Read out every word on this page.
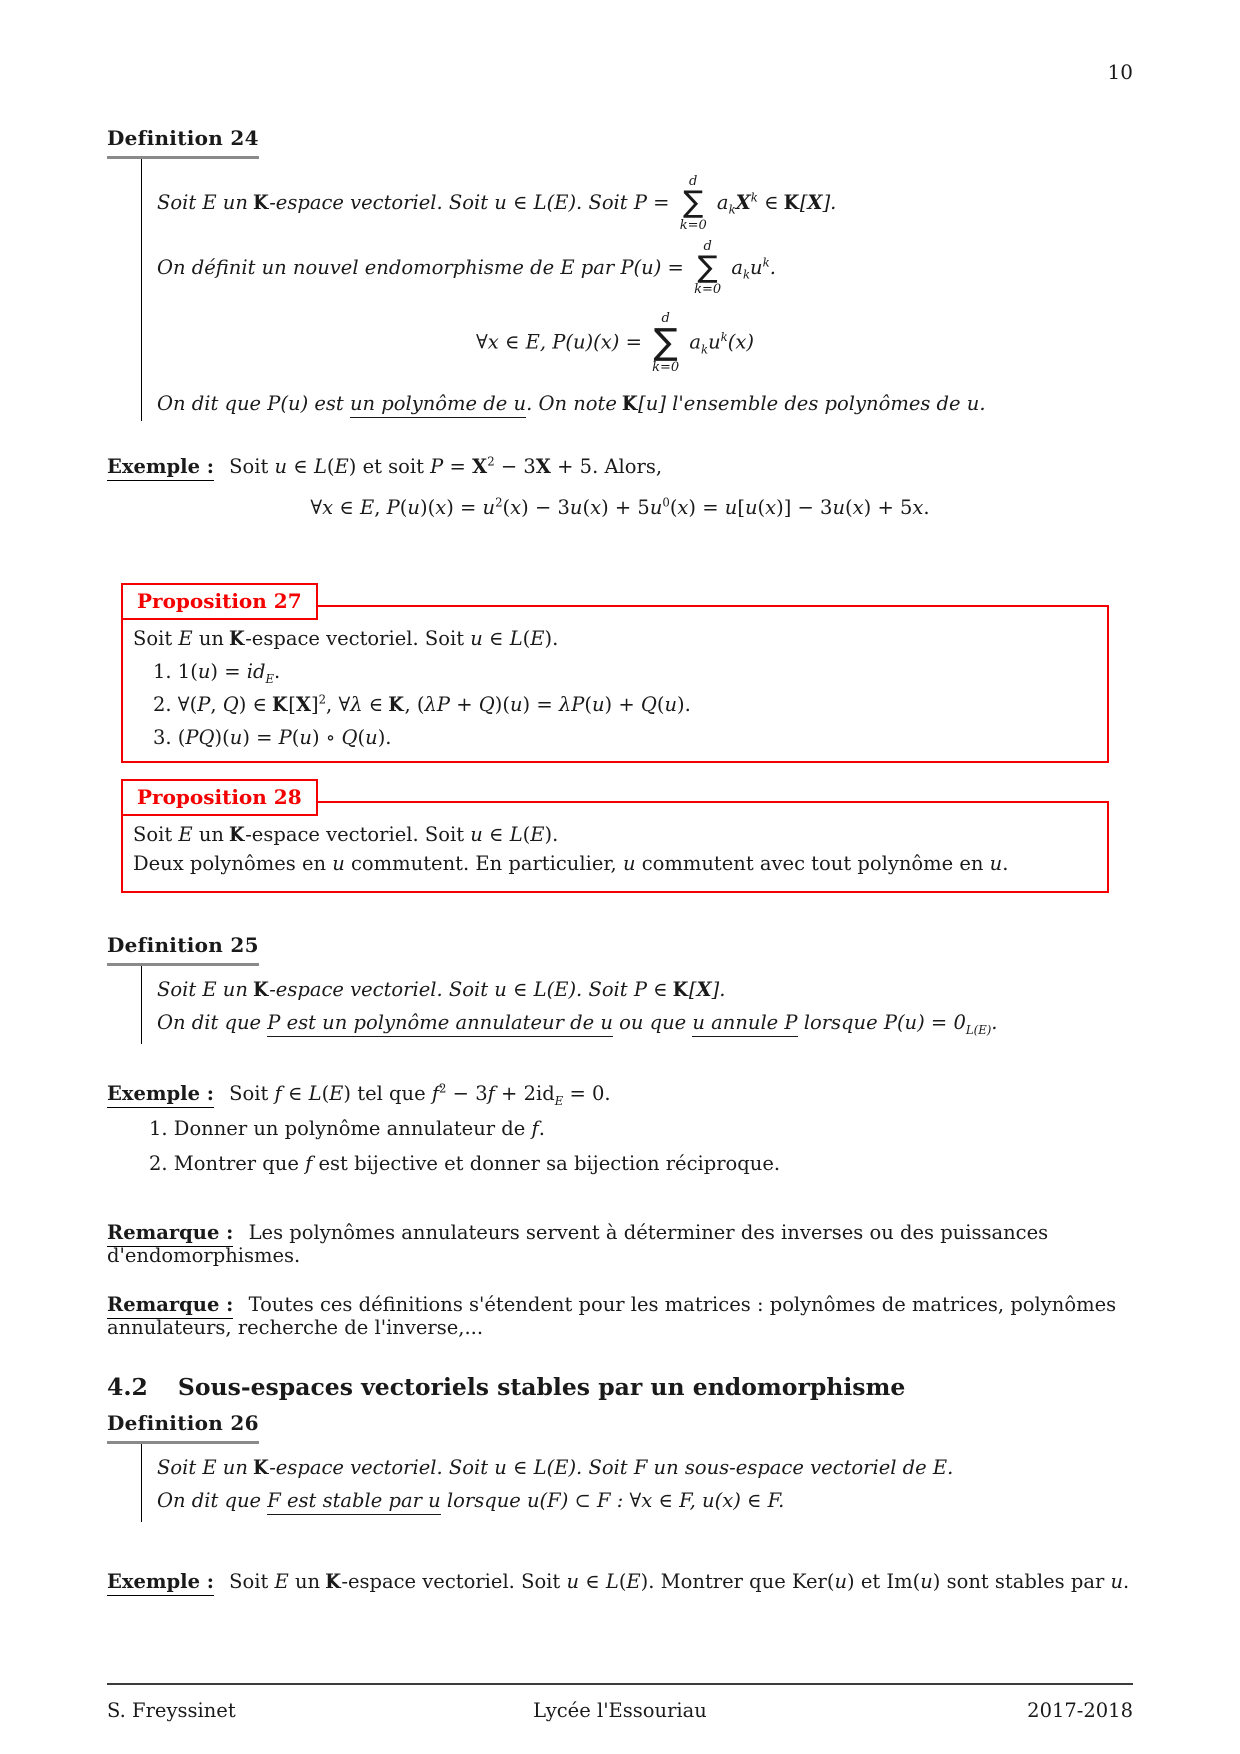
10
Definition 24

Soit E un K-espace vectoriel. Soit u ∈ L(E). Soit P =
d
∑
k=0
$a_kX^k$ ∈ K[X].

On définit un nouvel endomorphisme de E par P(u) =
d
∑
k=0
$a_ku^k$.

∀x ∈ E, P(u)(x) =
d
∑
k=0
$a_ku^k(x)$

On dit que P(u) est un polynôme de u. On note K[u] l'ensemble des polynômes de u.

Exemple : Soit u ∈ L(E) et soit $P = X^2 - 3X + 5$. Alors,

∀x ∈ E, $P(u)(x) = u^2(x) - 3u(x) + 5u^0(x) = u[u(x)] - 3u(x) + 5x$.

Proposition 27

Soit E un K-espace vectoriel. Soit u ∈ L(E).

1. $1(u) = id_E$.

2. ∀(P, Q) ∈ $K[X]^2$, ∀λ ∈ K, (λP + Q)(u) = λP(u) + Q(u).

3. (PQ)(u) = P(u) ∘ Q(u).

Proposition 28

Soit E un K-espace vectoriel. Soit u ∈ L(E).

Deux polynômes en u commutent. En particulier, u commutent avec tout polynôme en u.

Definition 25

Soit E un K-espace vectoriel. Soit u ∈ L(E). Soit P ∈ K[X].

On dit que P est un polynôme annulateur de u ou que u annule P lorsque $P(u) = 0_{L(E)}$.

Exemple : Soit f ∈ L(E) tel que $f^2 - 3f + 2id_E = 0$.

1. Donner un polynôme annulateur de f.

2. Montrer que f est bijective et donner sa bijection réciproque.

Remarque : Les polynômes annulateurs servent à déterminer des inverses ou des puissances d'endomorphismes.

Remarque : Toutes ces définitions s'étendent pour les matrices : polynômes de matrices, polynômes annulateurs, recherche de l'inverse,...

4.2 Sous-espaces vectoriels stables par un endomorphisme
Definition 26

Soit E un K-espace vectoriel. Soit u ∈ L(E). Soit F un sous-espace vectoriel de E.

On dit que F est stable par u lorsque u(F) ⊂ F : ∀x ∈ F, u(x) ∈ F.

Exemple : Soit E un K-espace vectoriel. Soit u ∈ L(E). Montrer que Ker(u) et Im(u) sont stables par u.

S. Freyssinet	Lycée l'Essouriau	2017-2018
